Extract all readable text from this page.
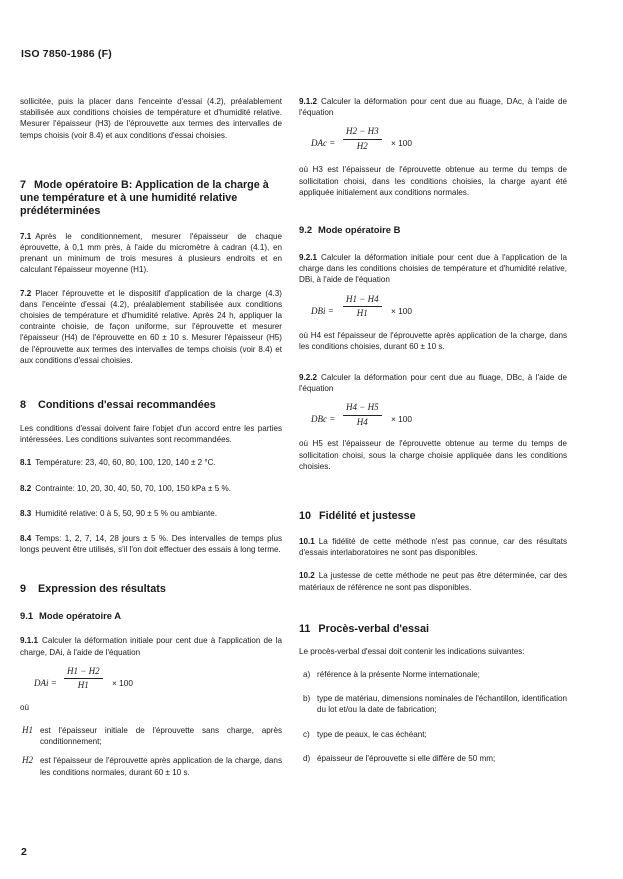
ISO 7850-1986 (F)

sollicitée, puis la placer dans l'enceinte d'essai (4.2), préalablement stabilisée aux conditions choisies de température et d'humidité relative. Mesurer l'épaisseur (H3) de l'éprouvette aux termes des intervalles de temps choisis (voir 8.4) et aux conditions d'essai choisies.

7 Mode opératoire B: Application de la charge à une température et à une humidité relative prédéterminées

7.1 Après le conditionnement, mesurer l'épaisseur de chaque éprouvette, à 0,1 mm près, à l'aide du micromètre à cadran (4.1), en prenant un minimum de trois mesures à plusieurs endroits et en calculant l'épaisseur moyenne (H1).

7.2 Placer l'éprouvette et le dispositif d'application de la charge (4.3) dans l'enceinte d'essai (4.2), préalablement stabilisée aux conditions choisies de température et d'humidité relative. Après 24 h, appliquer la contrainte choisie, de façon uniforme, sur l'éprouvette et mesurer l'épaisseur (H4) de l'éprouvette en 60 ± 10 s. Mesurer l'épaisseur (H5) de l'éprouvette aux termes des intervalles de temps choisis (voir 8.4) et aux conditions d'essai choisies.

8 Conditions d'essai recommandées

Les conditions d'essai doivent faire l'objet d'un accord entre les parties intéressées. Les conditions suivantes sont recommandées.

8.1 Température: 23, 40, 60, 80, 100, 120, 140 ± 2 °C.

8.2 Contrainte: 10, 20, 30, 40, 50, 70, 100, 150 kPa ± 5 %.

8.3 Humidité relative: 0 à 5, 50, 90 ± 5 % ou ambiante.

8.4 Temps: 1, 2, 7, 14, 28 jours ± 5 %. Des intervalles de temps plus longs peuvent être utilisés, s'il l'on doit effectuer des essais à long terme.

9 Expression des résultats
9.1 Mode opératoire A

9.1.1 Calculer la déformation initiale pour cent due à l'application de la charge, DAi, à l'aide de l'équation

DAi = $\frac{H1 - H2}{H1} \times 100$

où

H1 est l'épaisseur initiale de l'éprouvette sans charge, après conditionnement;
H2 est l'épaisseur de l'éprouvette après application de la charge, dans les conditions normales, durant 60 ± 10 s.

9.1.2 Calculer la déformation pour cent due au fluage, DAc, à l'aide de l'équation

DAc = $\frac{H2 - H3}{H2} \times 100$

où H3 est l'épaisseur de l'éprouvette obtenue au terme du temps de sollicitation choisi, dans les conditions choisies, la charge ayant été appliquée initialement aux conditions normales.

9.2 Mode opératoire B

9.2.1 Calculer la déformation initiale pour cent due à l'application de la charge dans les conditions choisies de température et d'humidité relative, DBi, à l'aide de l'équation

DBi = $\frac{H1 - H4}{H1} \times 100$

où H4 est l'épaisseur de l'éprouvette après application de la charge, dans les conditions choisies, durant 60 ± 10 s.

9.2.2 Calculer la déformation pour cent due au fluage, DBc, à l'aide de l'équation

DBc = $\frac{H4 - H5}{H4} \times 100$

où H5 est l'épaisseur de l'éprouvette obtenue au terme du temps de sollicitation choisi, sous la charge choisie appliquée dans les conditions choisies.

10 Fidélité et justesse

10.1 La fidélité de cette méthode n'est pas connue, car des résultats d'essais interlaboratoires ne sont pas disponibles.

10.2 La justesse de cette méthode ne peut pas être déterminée, car des matériaux de référence ne sont pas disponibles.

11 Procès-verbal d'essai

Le procès-verbal d'essai doit contenir les indications suivantes:

a) référence à la présente Norme internationale;
b) type de matériau, dimensions nominales de l'échantillon, identification du lot et/ou la date de fabrication;
c) type de peaux, le cas échéant;
d) épaisseur de l'éprouvette si elle diffère de 50 mm;
2
